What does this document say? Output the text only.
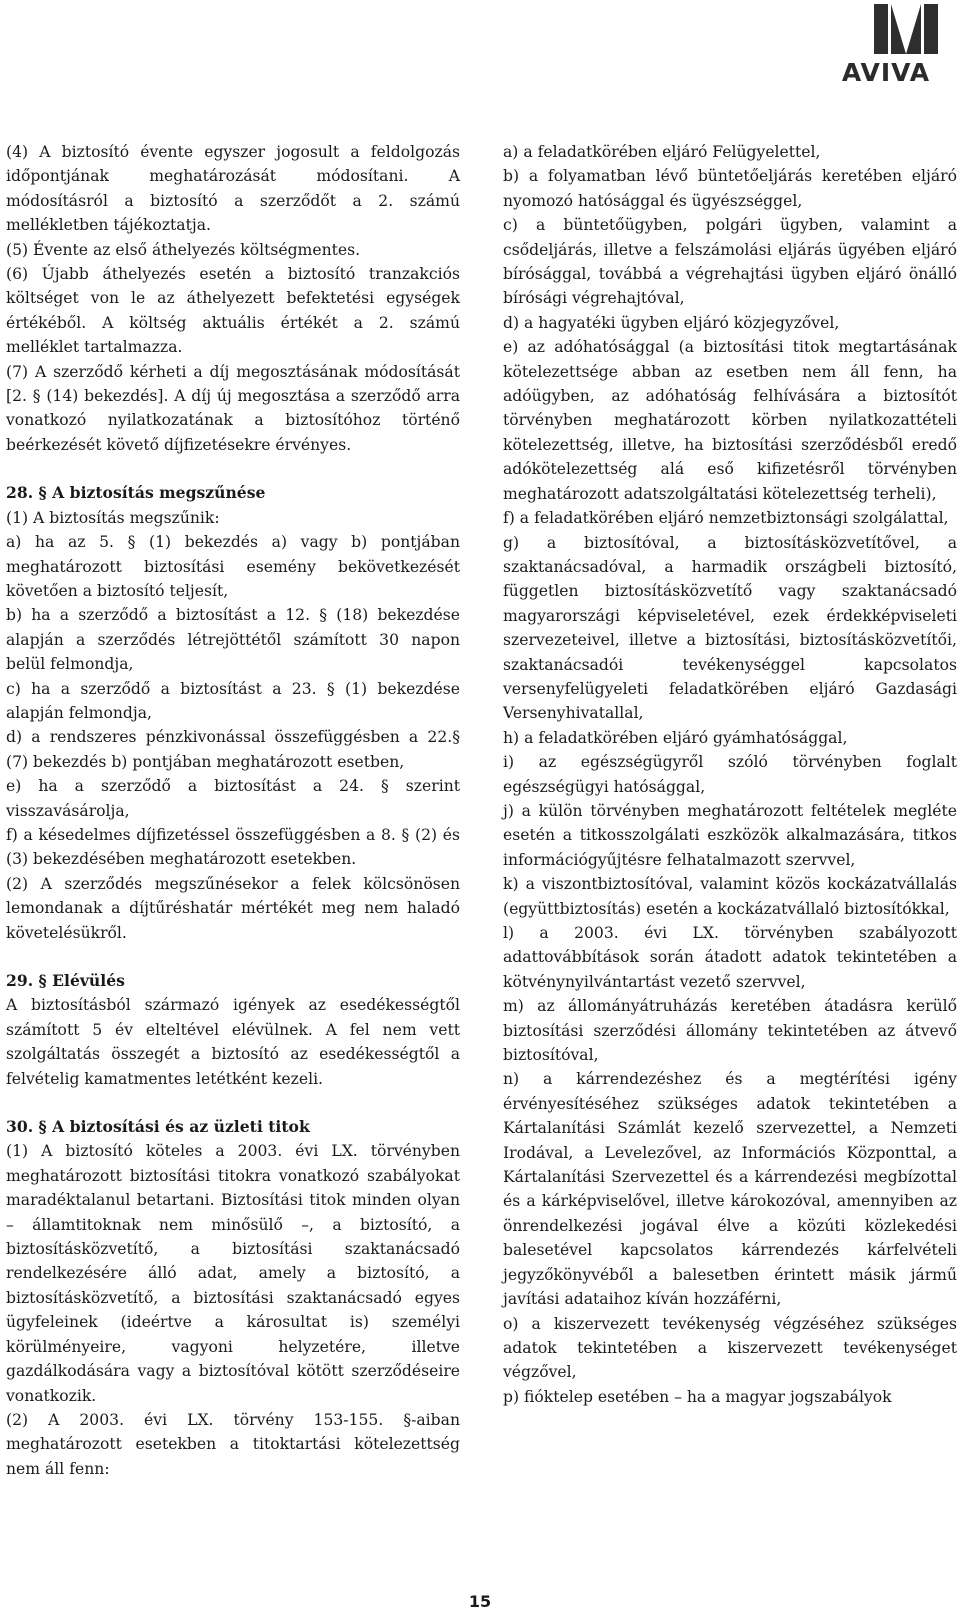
AVIVA

(4) A biztosító évente egyszer jogosult a feldolgozás időpontjának meghatározását módosítani. A módosításról a biztosító a szerződőt a 2. számú mellékletben tájékoztatja.

(5) Évente az első áthelyezés költségmentes.

(6) Újabb áthelyezés esetén a biztosító tranzakciós költséget von le az áthelyezett befektetési egységek értékéből. A költség aktuális értékét a 2. számú melléklet tartalmazza.

(7) A szerződő kérheti a díj megosztásának módosítását [2. § (14) bekezdés]. A díj új megosztása a szerződő arra vonatkozó nyilatkozatának a biztosítóhoz történő beérkezését követő díjfizetésekre érvényes.

28. § A biztosítás megszűnése

(1) A biztosítás megszűnik:

a) ha az 5. § (1) bekezdés a) vagy b) pontjában meghatározott biztosítási esemény bekövetkezését követően a biztosító teljesít,

b) ha a szerződő a biztosítást a 12. § (18) bekezdése alapján a szerződés létrejöttétől számított 30 napon belül felmondja,

c) ha a szerződő a biztosítást a 23. § (1) bekezdése alapján felmondja,

d) a rendszeres pénzkivonással összefüggésben a 22.§ (7) bekezdés b) pontjában meghatározott esetben,

e) ha a szerződő a biztosítást a 24. § szerint visszavásárolja,

f) a késedelmes díjfizetéssel összefüggésben a 8. § (2) és (3) bekezdésében meghatározott esetekben.

(2) A szerződés megszűnésekor a felek kölcsönösen lemondanak a díjtűréshatár mértékét meg nem haladó követelésükről.

29. § Elévülés

A biztosításból származó igények az esedékességtől számított 5 év elteltével elévülnek. A fel nem vett szolgáltatás összegét a biztosító az esedékességtől a felvételig kamatmentes letétként kezeli.

30. § A biztosítási és az üzleti titok

(1) A biztosító köteles a 2003. évi LX. törvényben meghatározott biztosítási titokra vonatkozó szabályokat maradéktalanul betartani. Biztosítási titok minden olyan – államtitoknak nem minősülő –, a biztosító, a biztosításközvetítő, a biztosítási szaktanácsadó rendelkezésére álló adat, amely a biztosító, a biztosításközvetítő, a biztosítási szaktanácsadó egyes ügyfeleinek (ideértve a károsultat is) személyi körülményeire, vagyoni helyzetére, illetve gazdálkodására vagy a biztosítóval kötött szerződéseire vonatkozik.

(2) A 2003. évi LX. törvény 153-155. §-aiban meghatározott esetekben a titoktartási kötelezettség nem áll fenn:

a) a feladatkörében eljáró Felügyelettel,

b) a folyamatban lévő büntetőeljárás keretében eljáró nyomozó hatósággal és ügyészséggel,

c) a büntetőügyben, polgári ügyben, valamint a csődeljárás, illetve a felszámolási eljárás ügyében eljáró bírósággal, továbbá a végrehajtási ügyben eljáró önálló bírósági végrehajtóval,

d) a hagyatéki ügyben eljáró közjegyzővel,

e) az adóhatósággal (a biztosítási titok megtartásának kötelezettsége abban az esetben nem áll fenn, ha adóügyben, az adóhatóság felhívására a biztosítót törvényben meghatározott körben nyilatkozattételi kötelezettség, illetve, ha biztosítási szerződésből eredő adókötelezettség alá eső kifizetésről törvényben meghatározott adatszolgáltatási kötelezettség terheli),

f) a feladatkörében eljáró nemzetbiztonsági szolgálattal,

g) a biztosítóval, a biztosításközvetítővel, a szaktanácsadóval, a harmadik országbeli biztosító, független biztosításközvetítő vagy szaktanácsadó magyarországi képviseletével, ezek érdekképviseleti szervezeteivel, illetve a biztosítási, biztosításközvetítői, szaktanácsadói tevékenységgel kapcsolatos versenyfelügyeleti feladatkörében eljáró Gazdasági Versenyhivatallal,

h) a feladatkörében eljáró gyámhatósággal,

i) az egészségügyről szóló törvényben foglalt egészségügyi hatósággal,

j) a külön törvényben meghatározott feltételek megléte esetén a titkosszolgálati eszközök alkalmazására, titkos információgyűjtésre felhatalmazott szervvel,

k) a viszontbiztosítóval, valamint közös kockázatvállalás (együttbiztosítás) esetén a kockázatvállaló biztosítókkal,

l) a 2003. évi LX. törvényben szabályozott adattovábbítások során átadott adatok tekintetében a kötvénynyilvántartást vezető szervvel,

m) az állományátruházás keretében átadásra kerülő biztosítási szerződési állomány tekintetében az átvevő biztosítóval,

n) a kárrendezéshez és a megtérítési igény érvényesítéséhez szükséges adatok tekintetében a Kártalanítási Számlát kezelő szervezettel, a Nemzeti Irodával, a Levelezővel, az Információs Központtal, a Kártalanítási Szervezettel és a kárrendezési megbízottal és a kárképviselővel, illetve károkozóval, amennyiben az önrendelkezési jogával élve a közúti közlekedési balesetével kapcsolatos kárrendezés kárfelvételi jegyzőkönyvéből a balesetben érintett másik jármű javítási adataihoz kíván hozzáférni,

o) a kiszervezett tevékenység végzéséhez szükséges adatok tekintetében a kiszervezett tevékenységet végzővel,

p) fióktelep esetében – ha a magyar jogszabályok

15
